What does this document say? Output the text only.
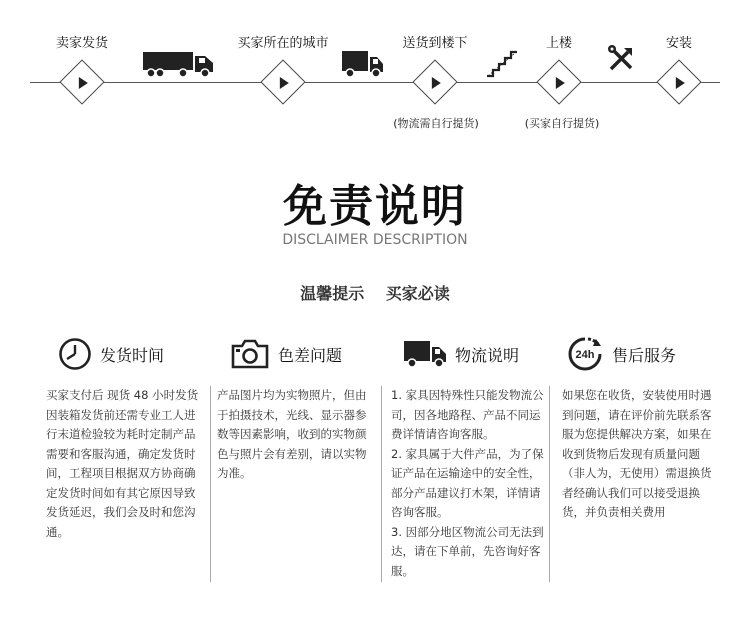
卖家发货	买家所在的城市	送货到楼下	上楼	安装
(物流需自行提货)	(买家自行提货)
免责说明
DISCLAIMER DESCRIPTION
温馨提示 买家必读
发货时间	色差问题	物流说明	24h 售后服务
买家支付后 现货 48 小时发货 因装箱发货前还需专业工人进行末道检验较为耗时定制产品需要和客服沟通，确定发货时间，工程项目根据双方协商确定发货时间如有其它原因导致发货延迟，我们会及时和您沟通。
产品图片均为实物照片，但由于拍摄技术，光线、显示器参数等因素影响，收到的实物颜色与照片会有差别，请以实物为准。
1. 家具因特殊性只能发物流公司，因各地路程、产品不同运费详情请咨询客服。
2. 家具属于大件产品，为了保证产品在运输途中的安全性，部分产品建议打木架，详情请咨询客服。
3. 因部分地区物流公司无法到达，请在下单前，先咨询好客服。
如果您在收货，安装使用时遇到问题，请在评价前先联系客服为您提供解决方案，如果在收到货物后发现有质量问题（非人为，无使用）需退换货者经确认我们可以接受退换货，并负责相关费用
